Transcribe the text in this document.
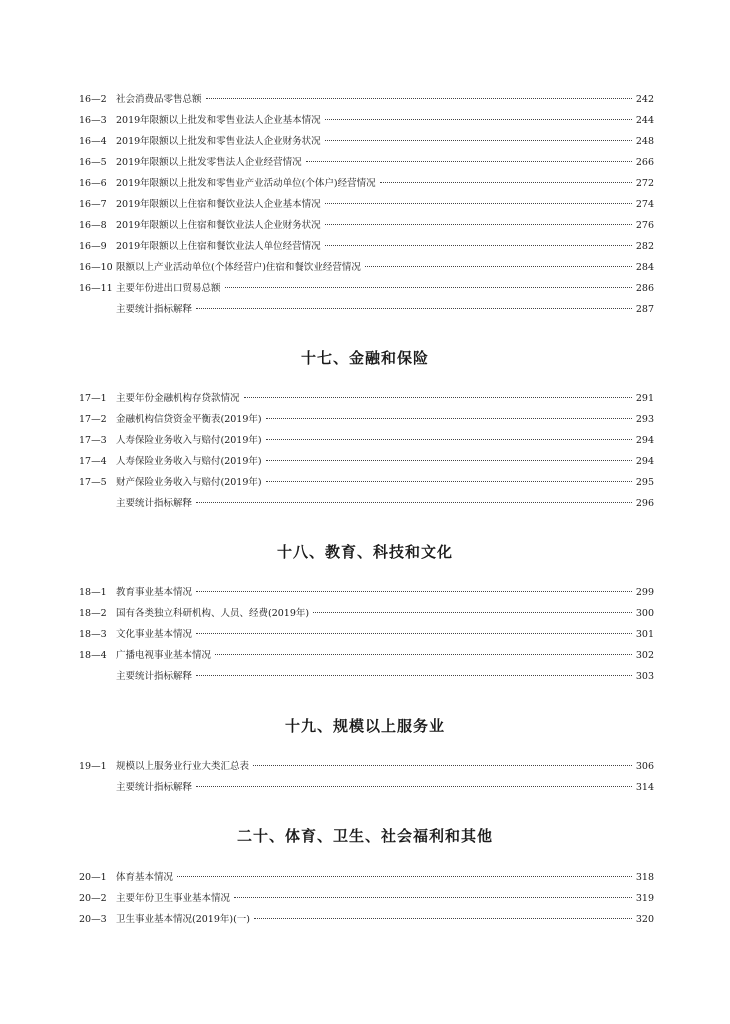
16—2 社会消费品零售总额	242
16—3 2019年限额以上批发和零售业法人企业基本情况	244
16—4 2019年限额以上批发和零售业法人企业财务状况	248
16—5 2019年限额以上批发零售法人企业经营情况	266
16—6 2019年限额以上批发和零售业产业活动单位(个体户)经营情况	272
16—7 2019年限额以上住宿和餐饮业法人企业基本情况	274
16—8 2019年限额以上住宿和餐饮业法人企业财务状况	276
16—9 2019年限额以上住宿和餐饮业法人单位经营情况	282
16—10 限额以上产业活动单位(个体经营户)住宿和餐饮业经营情况	284
16—11 主要年份进出口贸易总额	286
主要统计指标解释	287
十七、金融和保险
17—1 主要年份金融机构存贷款情况	291
17—2 金融机构信贷资金平衡表(2019年)	293
17—3 人寿保险业务收入与赔付(2019年)	294
17—4 人寿保险业务收入与赔付(2019年)	294
17—5 财产保险业务收入与赔付(2019年)	295
主要统计指标解释	296
十八、教育、科技和文化
18—1 教育事业基本情况	299
18—2 国有各类独立科研机构、人员、经费(2019年)	300
18—3 文化事业基本情况	301
18—4 广播电视事业基本情况	302
主要统计指标解释	303
十九、规模以上服务业
19—1 规模以上服务业行业大类汇总表	306
主要统计指标解释	314
二十、体育、卫生、社会福利和其他
20—1 体育基本情况	318
20—2 主要年份卫生事业基本情况	319
20—3 卫生事业基本情况(2019年)(一)	320
